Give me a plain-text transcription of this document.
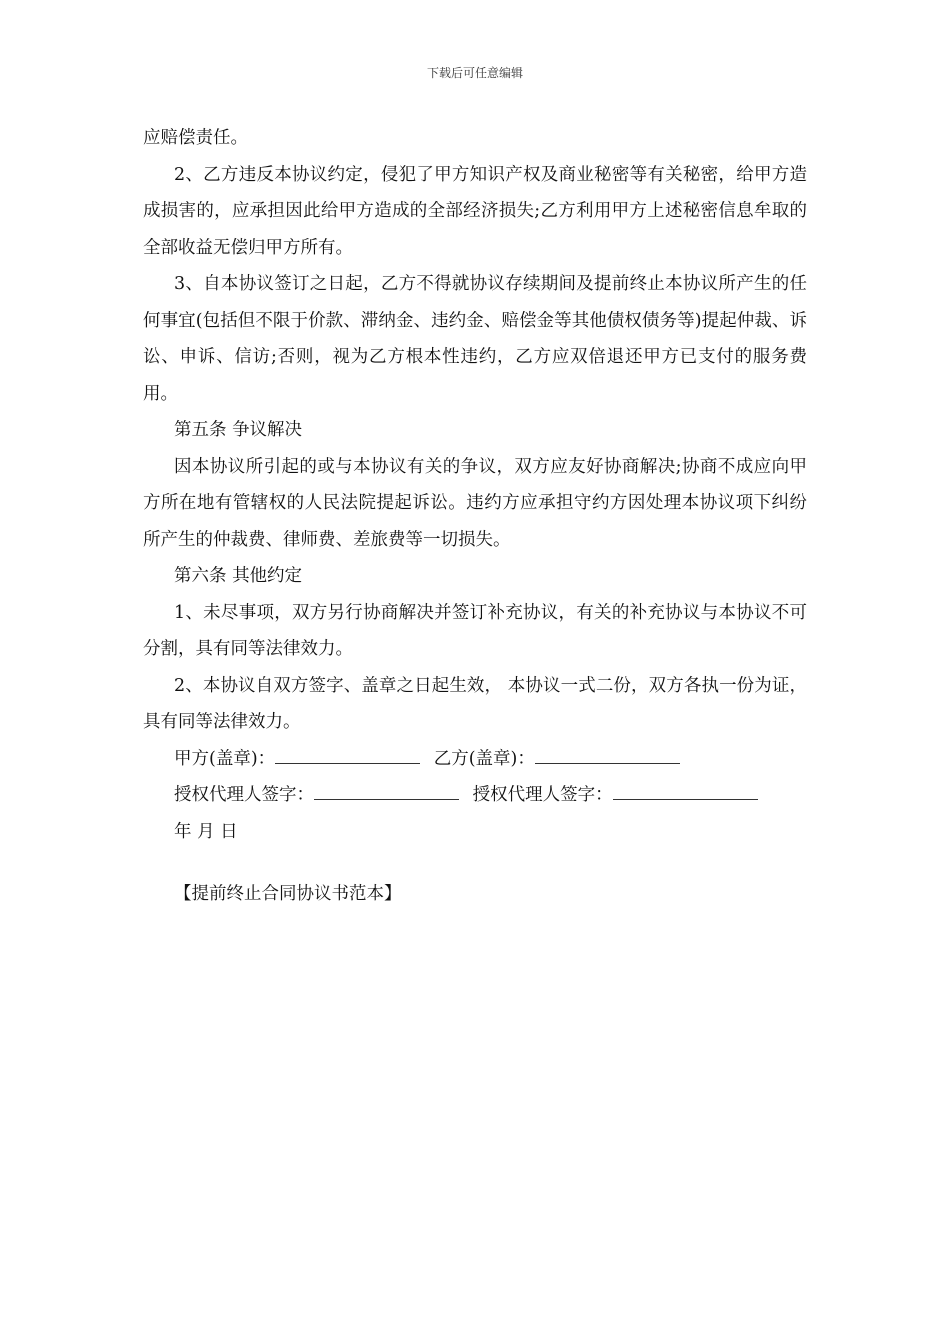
下载后可任意编辑

应赔偿责任。

2、乙方违反本协议约定，侵犯了甲方知识产权及商业秘密等有关秘密，给甲方造成损害的，应承担因此给甲方造成的全部经济损失;乙方利用甲方上述秘密信息牟取的全部收益无偿归甲方所有。

3、自本协议签订之日起，乙方不得就协议存续期间及提前终止本协议所产生的任何事宜(包括但不限于价款、滞纳金、违约金、赔偿金等其他债权债务等)提起仲裁、诉讼、申诉、信访;否则，视为乙方根本性违约，乙方应双倍退还甲方已支付的服务费用。

第五条 争议解决

因本协议所引起的或与本协议有关的争议，双方应友好协商解决;协商不成应向甲方所在地有管辖权的人民法院提起诉讼。违约方应承担守约方因处理本协议项下纠纷所产生的仲裁费、律师费、差旅费等一切损失。

第六条 其他约定

1、未尽事项，双方另行协商解决并签订补充协议，有关的补充协议与本协议不可分割，具有同等法律效力。

2、本协议自双方签字、盖章之日起生效， 本协议一式二份，双方各执一份为证，具有同等法律效力。

甲方(盖章)：	乙方(盖章)：

授权代理人签字：	授权代理人签字：

年 月 日

【提前终止合同协议书范本】
